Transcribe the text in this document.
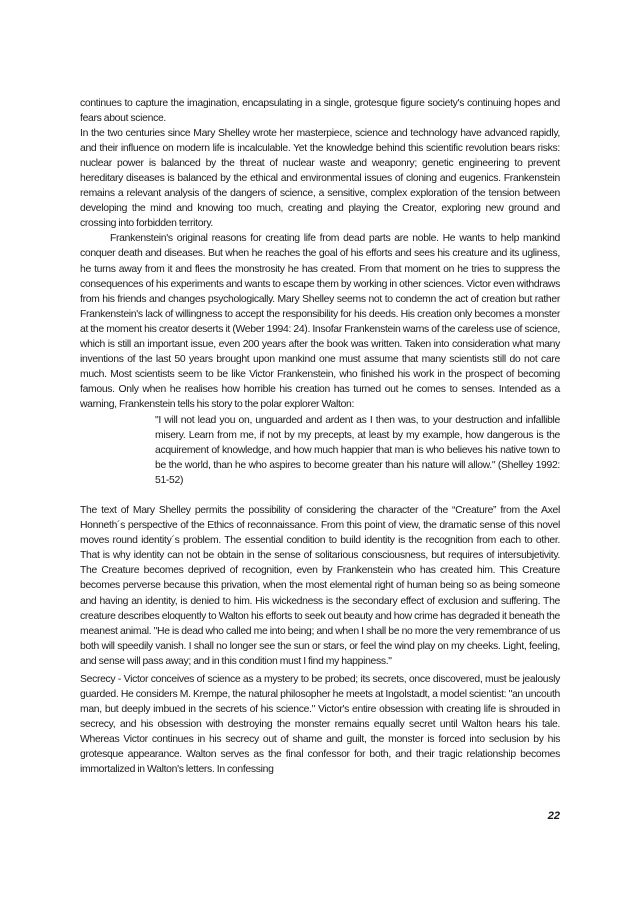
continues to capture the imagination, encapsulating in a single, grotesque figure society's continuing hopes and fears about science.

In the two centuries since Mary Shelley wrote her masterpiece, science and technology have advanced rapidly, and their influence on modern life is incalculable. Yet the knowledge behind this scientific revolution bears risks: nuclear power is balanced by the threat of nuclear waste and weaponry; genetic engineering to prevent hereditary diseases is balanced by the ethical and environmental issues of cloning and eugenics. Frankenstein remains a relevant analysis of the dangers of science, a sensitive, complex exploration of the tension between developing the mind and knowing too much, creating and playing the Creator, exploring new ground and crossing into forbidden territory.

Frankenstein's original reasons for creating life from dead parts are noble. He wants to help mankind conquer death and diseases. But when he reaches the goal of his efforts and sees his creature and its ugliness, he turns away from it and flees the monstrosity he has created. From that moment on he tries to suppress the consequences of his experiments and wants to escape them by working in other sciences. Victor even withdraws from his friends and changes psychologically. Mary Shelley seems not to condemn the act of creation but rather Frankenstein's lack of willingness to accept the responsibility for his deeds. His creation only becomes a monster at the moment his creator deserts it (Weber 1994: 24). Insofar Frankenstein warns of the careless use of science, which is still an important issue, even 200 years after the book was written. Taken into consideration what many inventions of the last 50 years brought upon mankind one must assume that many scientists still do not care much. Most scientists seem to be like Victor Frankenstein, who finished his work in the prospect of becoming famous. Only when he realises how horrible his creation has turned out he comes to senses. Intended as a warning, Frankenstein tells his story to the polar explorer Walton:

"I will not lead you on, unguarded and ardent as I then was, to your destruction and infallible misery. Learn from me, if not by my precepts, at least by my example, how dangerous is the acquirement of knowledge, and how much happier that man is who believes his native town to be the world, than he who aspires to become greater than his nature will allow." (Shelley 1992: 51-52)

The text of Mary Shelley permits the possibility of considering the character of the “Creature” from the Axel Honneth´s perspective of the Ethics of reconnaissance. From this point of view, the dramatic sense of this novel moves round identity´s problem. The essential condition to build identity is the recognition from each to other. That is why identity can not be obtain in the sense of solitarious consciousness, but requires of intersubjetivity. The Creature becomes deprived of recognition, even by Frankenstein who has created him. This Creature becomes perverse because this privation, when the most elemental right of human being so as being someone and having an identity, is denied to him. His wickedness is the secondary effect of exclusion and suffering. The creature describes eloquently to Walton his efforts to seek out beauty and how crime has degraded it beneath the meanest animal. "He is dead who called me into being; and when I shall be no more the very remembrance of us both will speedily vanish. I shall no longer see the sun or stars, or feel the wind play on my cheeks. Light, feeling, and sense will pass away; and in this condition must I find my happiness."

Secrecy - Victor conceives of science as a mystery to be probed; its secrets, once discovered, must be jealously guarded. He considers M. Krempe, the natural philosopher he meets at Ingolstadt, a model scientist: "an uncouth man, but deeply imbued in the secrets of his science." Victor's entire obsession with creating life is shrouded in secrecy, and his obsession with destroying the monster remains equally secret until Walton hears his tale. Whereas Victor continues in his secrecy out of shame and guilt, the monster is forced into seclusion by his grotesque appearance. Walton serves as the final confessor for both, and their tragic relationship becomes immortalized in Walton's letters. In confessing

22
